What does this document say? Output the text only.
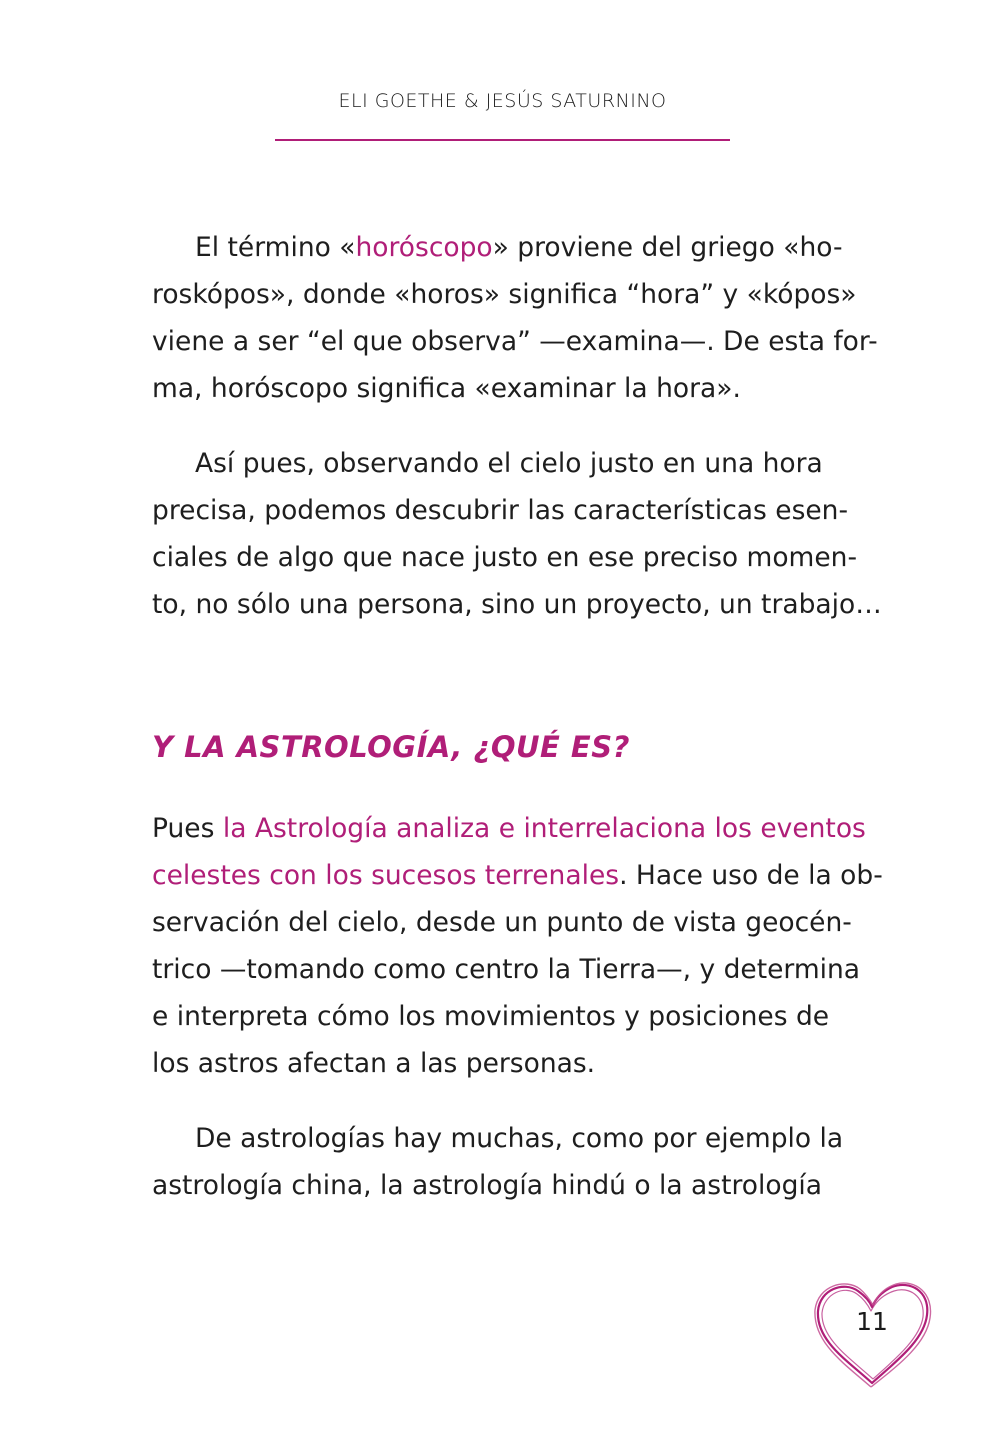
ELI GOETHE & JESÚS SATURNINO
El término «horóscopo» proviene del griego «ho-
roskópos», donde «horos» significa “hora” y «kópos»
viene a ser “el que observa” —examina—. De esta for-
ma, horóscopo significa «examinar la hora».
Así pues, observando el cielo justo en una hora
precisa, podemos descubrir las características esen-
ciales de algo que nace justo en ese preciso momen-
to, no sólo una persona, sino un proyecto, un trabajo…
Y LA ASTROLOGÍA, ¿QUÉ ES?
Pues la Astrología analiza e interrelaciona los eventos
celestes con los sucesos terrenales. Hace uso de la ob-
servación del cielo, desde un punto de vista geocén-
trico —tomando como centro la Tierra—, y determina
e interpreta cómo los movimientos y posiciones de
los astros afectan a las personas.
De astrologías hay muchas, como por ejemplo la
astrología china, la astrología hindú o la astrología
11
